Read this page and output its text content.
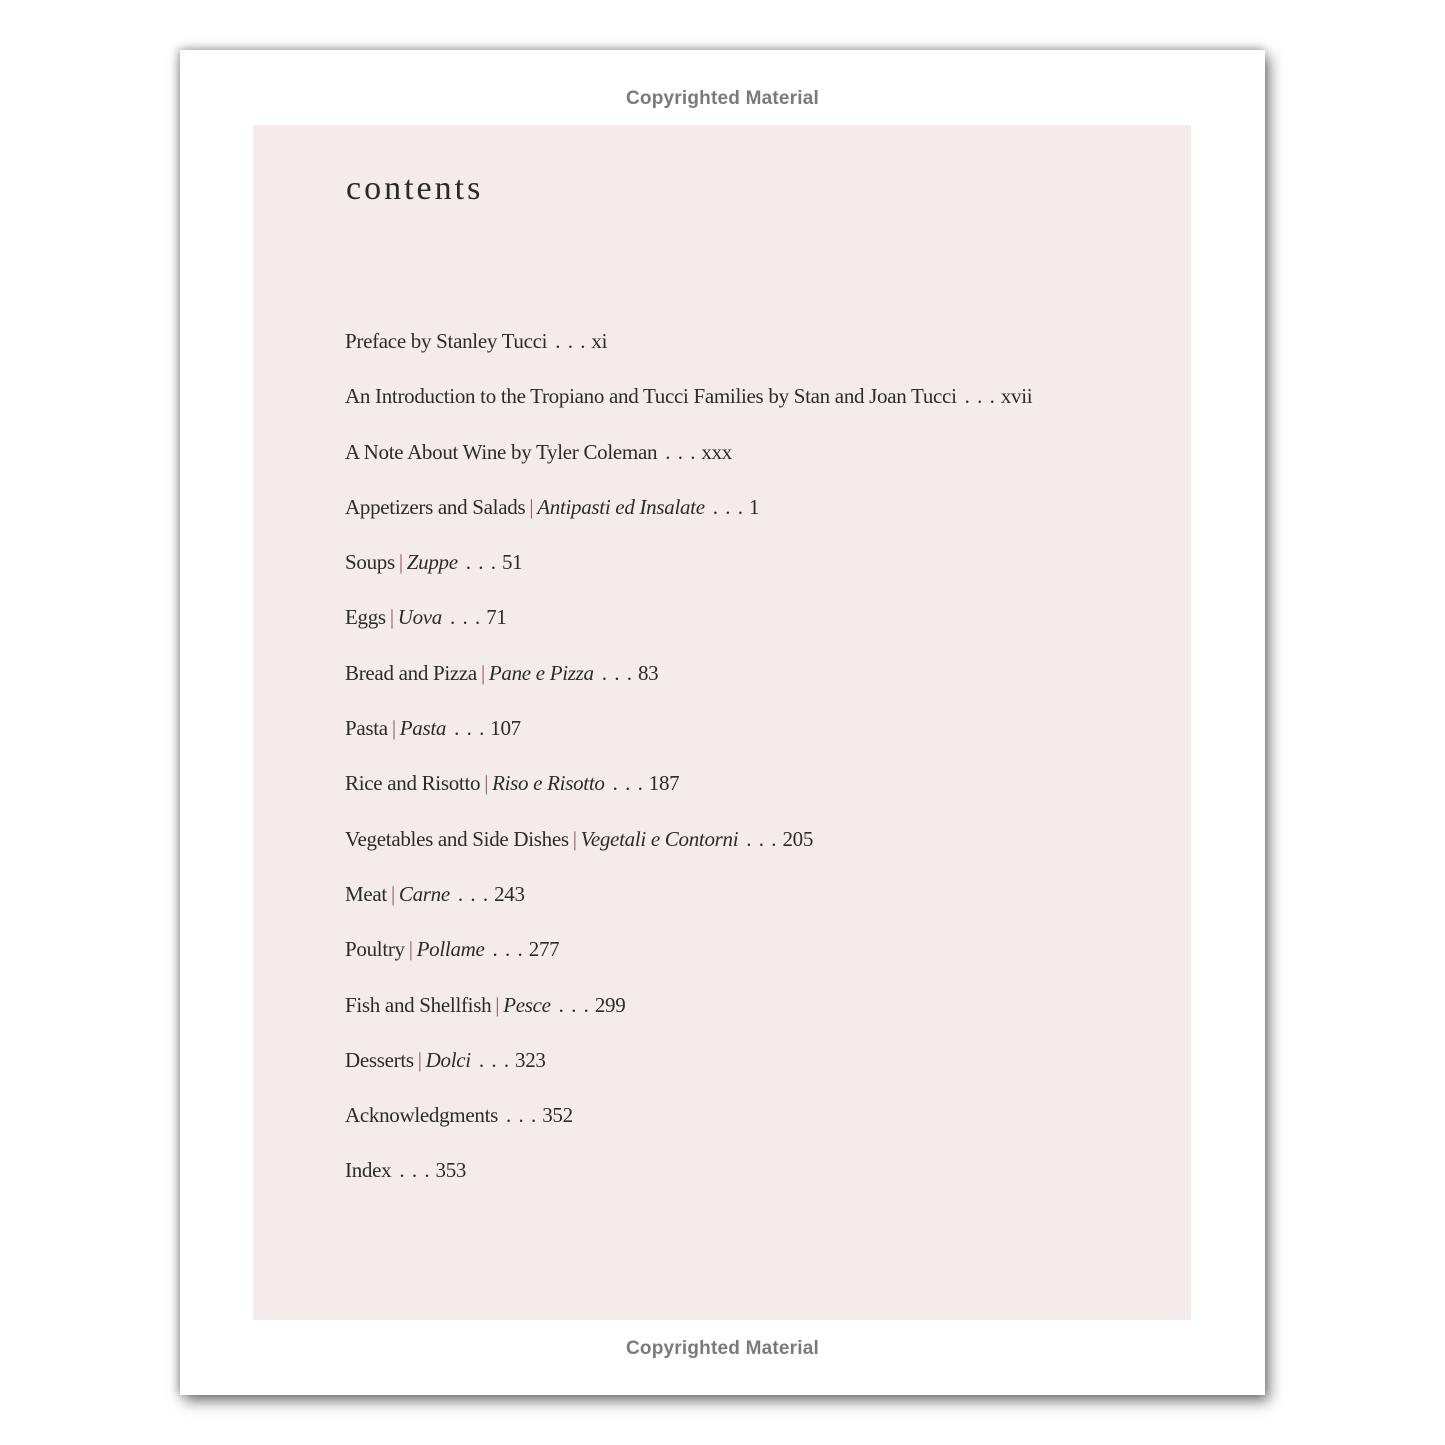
Copyrighted Material
contents
Preface by Stanley Tucci . . . xi
An Introduction to the Tropiano and Tucci Families by Stan and Joan Tucci . . . xvii
A Note About Wine by Tyler Coleman . . . xxx
Appetizers and Salads | Antipasti ed Insalate . . . 1
Soups | Zuppe . . . 51
Eggs | Uova . . . 71
Bread and Pizza | Pane e Pizza . . . 83
Pasta | Pasta . . . 107
Rice and Risotto | Riso e Risotto . . . 187
Vegetables and Side Dishes | Vegetali e Contorni . . . 205
Meat | Carne . . . 243
Poultry | Pollame . . . 277
Fish and Shellfish | Pesce . . . 299
Desserts | Dolci . . . 323
Acknowledgments . . . 352
Index . . . 353
Copyrighted Material
